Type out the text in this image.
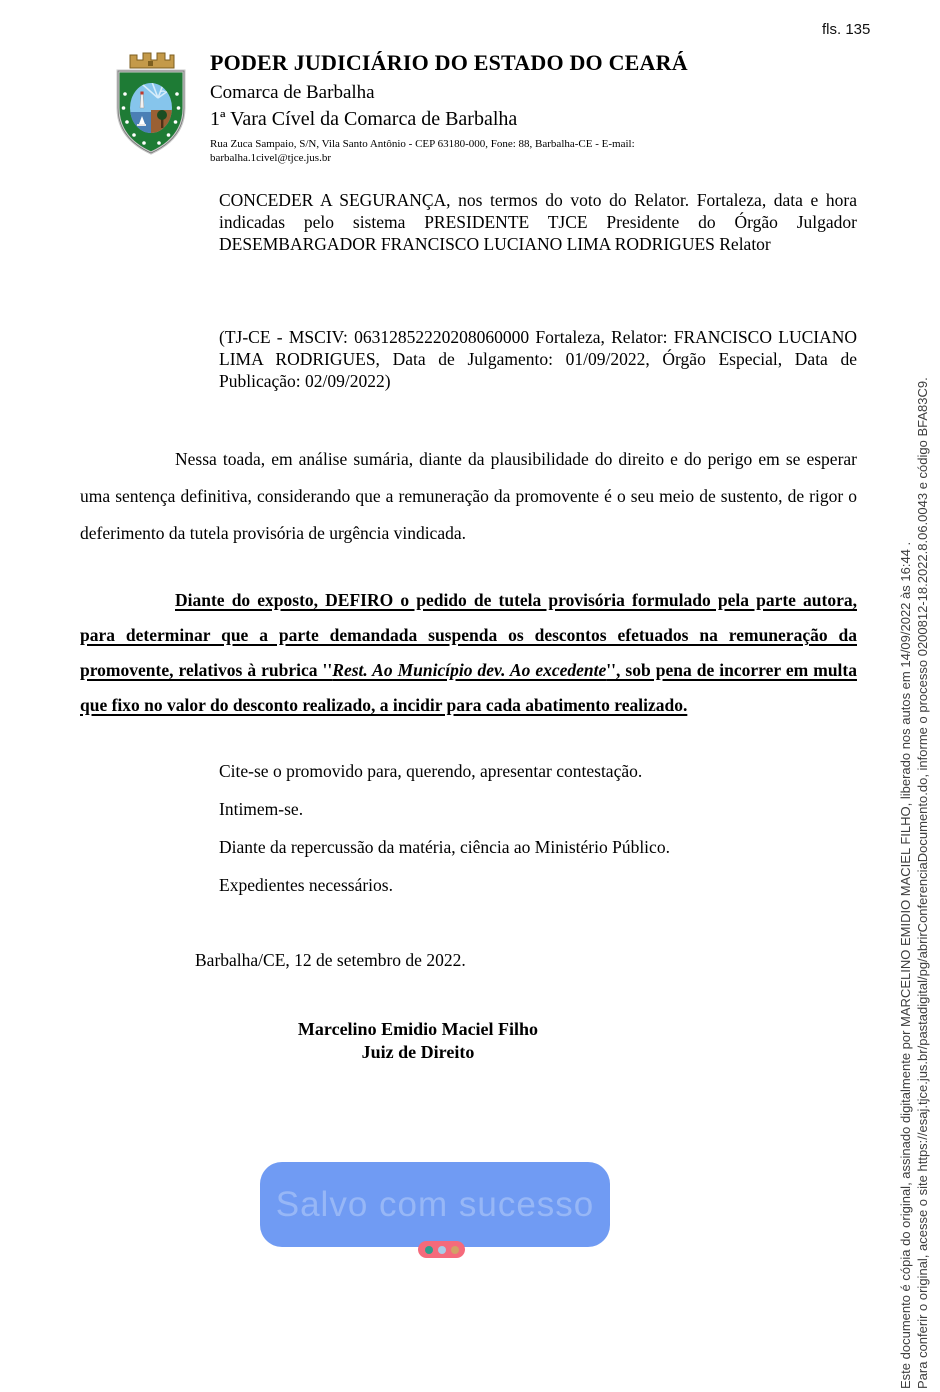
fls. 135
PODER JUDICIÁRIO DO ESTADO DO CEARÁ
Comarca de Barbalha
1ª Vara Cível da Comarca de Barbalha
Rua Zuca Sampaio, S/N, Vila Santo Antônio - CEP 63180-000, Fone: 88, Barbalha-CE - E-mail:
barbalha.1civel@tjce.jus.br
CONCEDER A SEGURANÇA, nos termos do voto do Relator. Fortaleza, data e hora indicadas pelo sistema PRESIDENTE TJCE Presidente do Órgão Julgador DESEMBARGADOR FRANCISCO LUCIANO LIMA RODRIGUES Relator
(TJ-CE - MSCIV: 06312852220208060000 Fortaleza, Relator: FRANCISCO LUCIANO LIMA RODRIGUES, Data de Julgamento: 01/09/2022, Órgão Especial, Data de Publicação: 02/09/2022)
Nessa toada, em análise sumária, diante da plausibilidade do direito e do perigo em se esperar uma sentença definitiva, considerando que a remuneração da promovente é o seu meio de sustento, de rigor o deferimento da tutela provisória de urgência vindicada.
Diante do exposto, DEFIRO o pedido de tutela provisória formulado pela parte autora, para determinar que a parte demandada suspenda os descontos efetuados na remuneração da promovente, relativos à rubrica ''Rest. Ao Município dev. Ao excedente'', sob pena de incorrer em multa que fixo no valor do desconto realizado, a incidir para cada abatimento realizado.

Cite-se o promovido para, querendo, apresentar contestação.

Intimem-se.

Diante da repercussão da matéria, ciência ao Ministério Público.

Expedientes necessários.

Barbalha/CE, 12 de setembro de 2022.
Marcelino Emidio Maciel Filho
Juiz de Direito
Salvo com sucesso	Este documento é cópia do original, assinado digitalmente por MARCELINO EMIDIO MACIEL FILHO, liberado nos autos em 14/09/2022 às 16:44 . Para conferir o original, acesse o site https://esaj.tjce.jus.br/pastadigital/pg/abrirConferenciaDocumento.do, informe o processo 0200812-18.2022.8.06.0043 e código BFA83C9.
